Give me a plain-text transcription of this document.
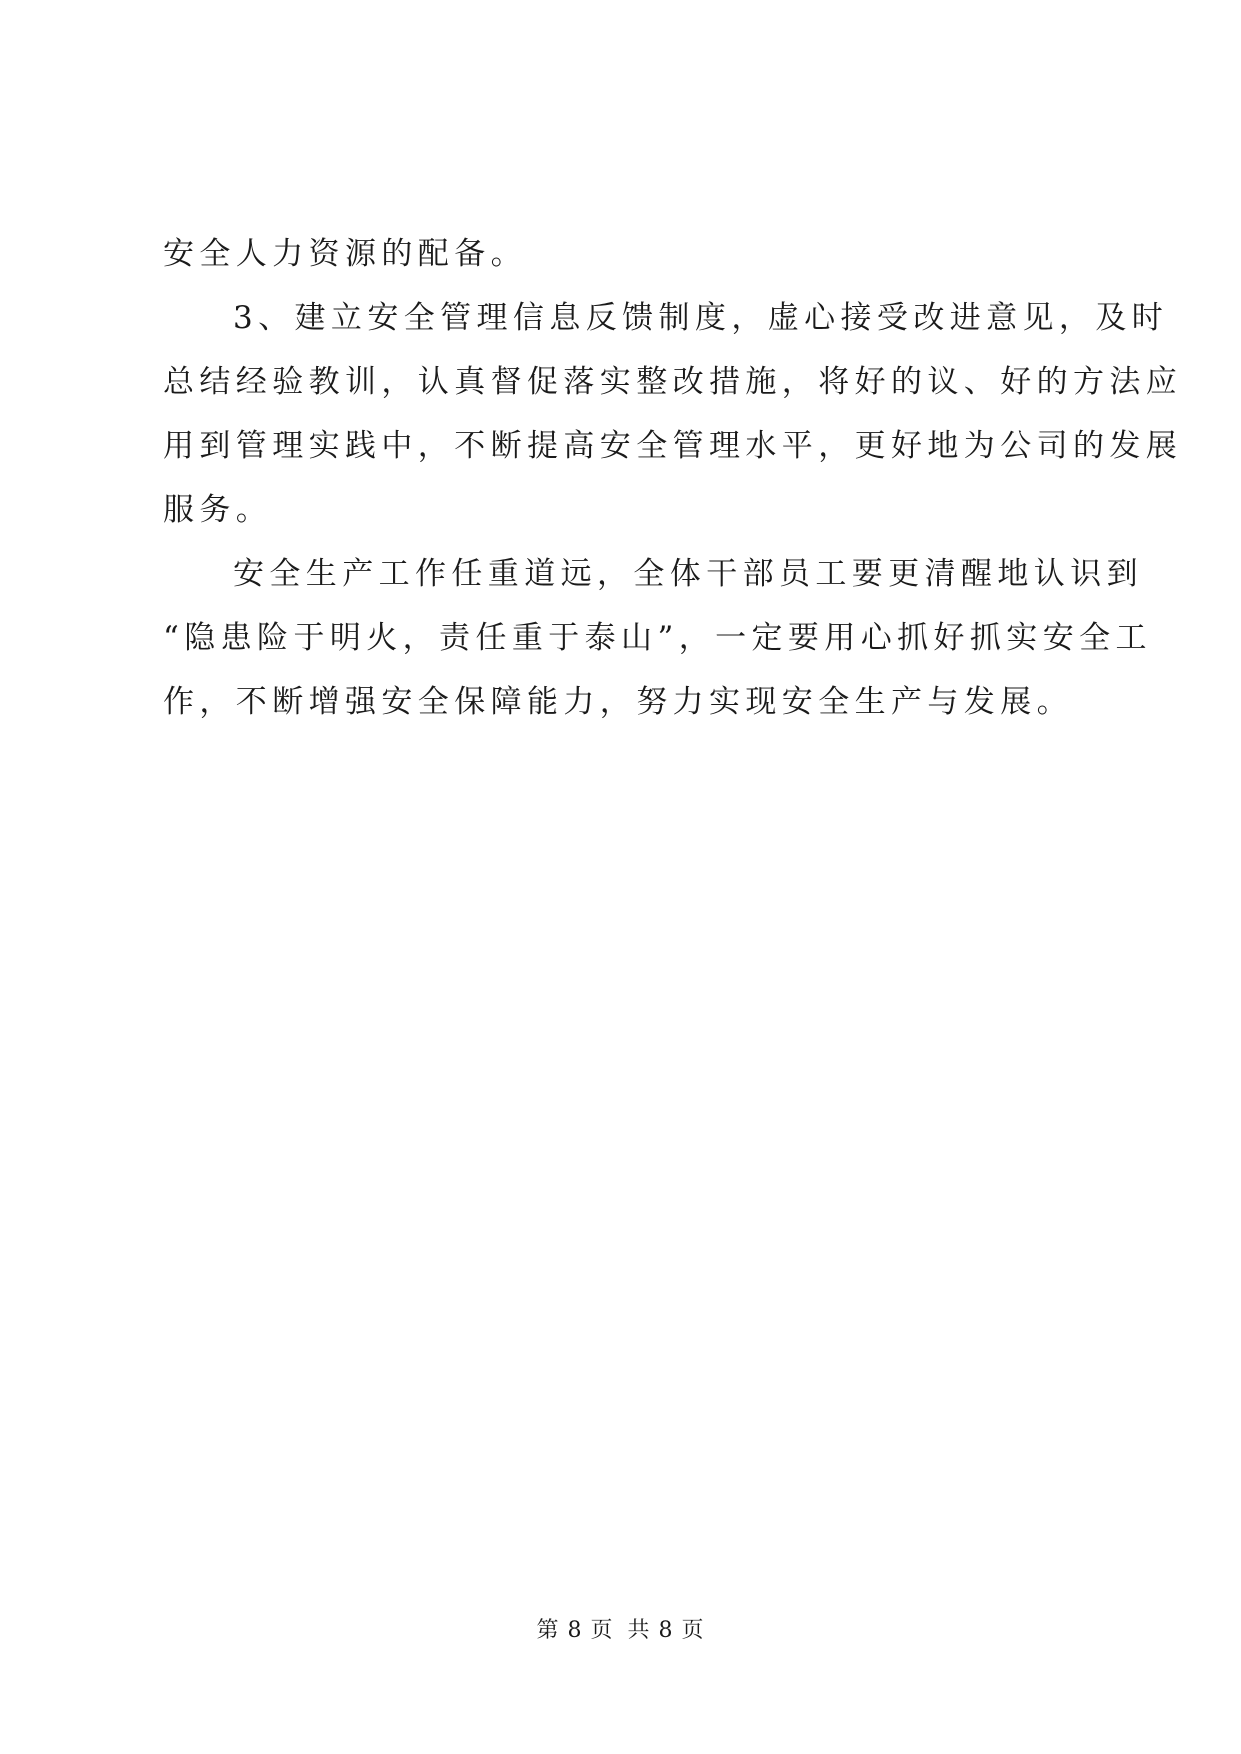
安全人力资源的配备。
3、建立安全管理信息反馈制度，虚心接受改进意见，及时
总结经验教训，认真督促落实整改措施，将好的议、好的方法应
用到管理实践中，不断提高安全管理水平，更好地为公司的发展
服务。
安全生产工作任重道远，全体干部员工要更清醒地认识到
“隐患险于明火，责任重于泰山”，一定要用心抓好抓实安全工
作，不断增强安全保障能力，努力实现安全生产与发展。
第 8 页 共 8 页
